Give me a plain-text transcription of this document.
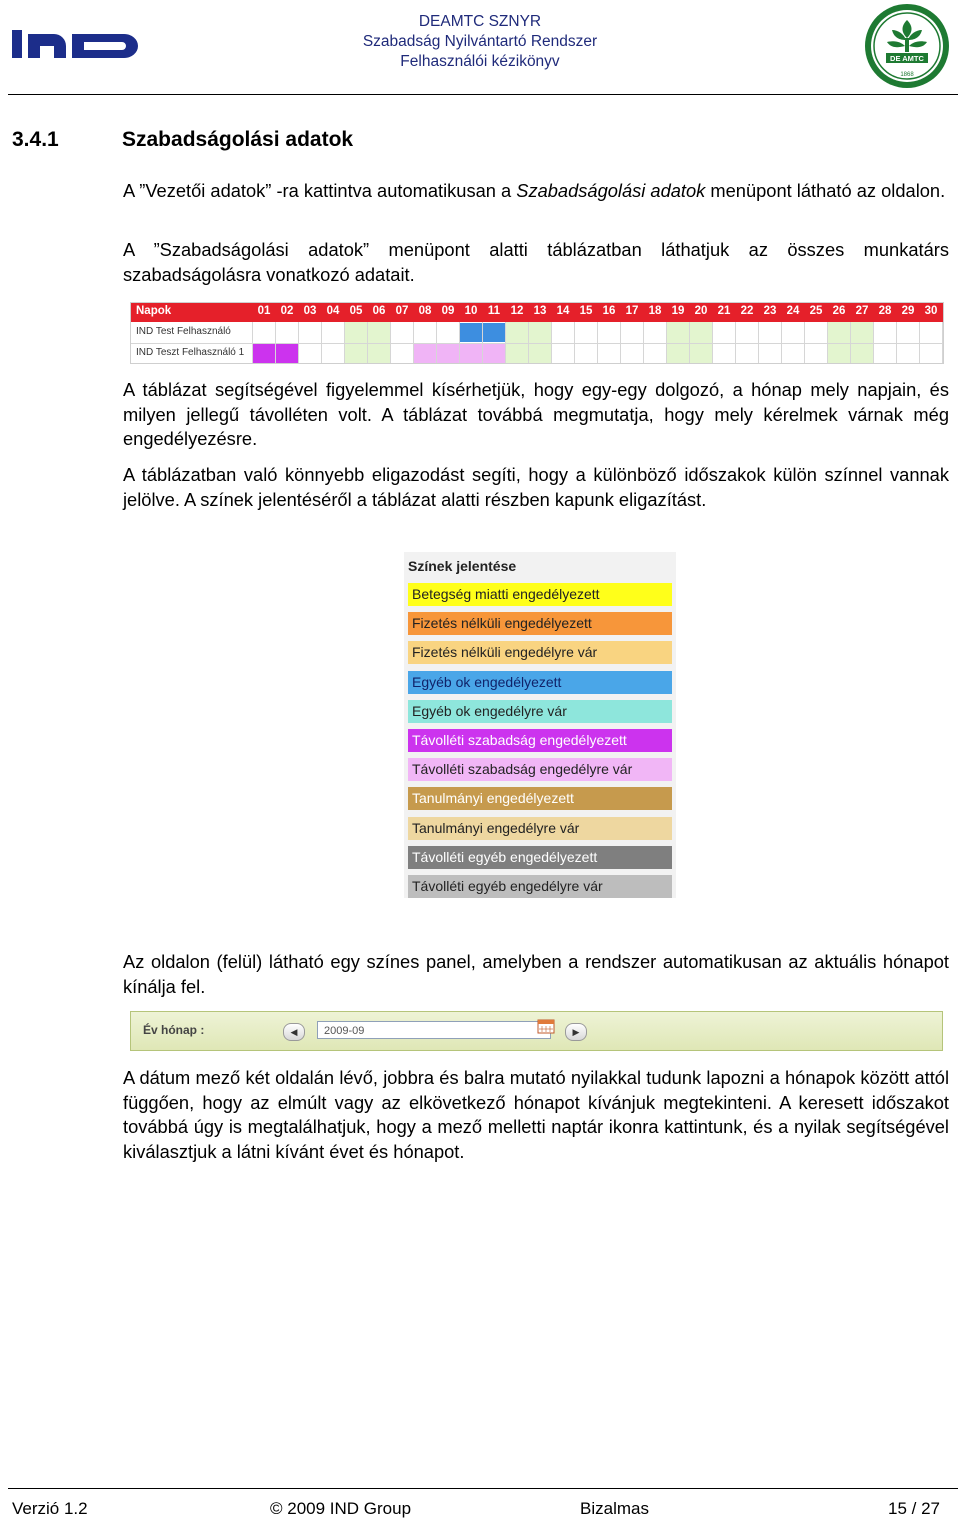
DEAMTC SZNYR
Szabadság Nyilvántartó Rendszer
Felhasználói kézikönyv	DE AMTC
1868
3.4.1	Szabadságolási adatok
A ”Vezetői adatok” -ra kattintva automatikusan a Szabadságolási adatok menüpont látható az oldalon.
A ”Szabadságolási adatok” menüpont alatti táblázatban láthatjuk az összes munkatárs szabadságolásra vonatkozó adatait.
Napok	01 02 03 04 05 06 07 08 09 10 11 12 13 14 15 16 17 18 19 20 21 22 23 24 25 26 27 28 29 30
IND Test Felhasználó
IND Teszt Felhasználó 1
A táblázat segítségével figyelemmel kísérhetjük, hogy egy-egy dolgozó, a hónap mely napjain, és milyen jellegű távolléten volt. A táblázat továbbá megmutatja, hogy mely kérelmek várnak még engedélyezésre.
A táblázatban való könnyebb eligazodást segíti, hogy a különböző időszakok külön színnel vannak jelölve. A színek jelentéséről a táblázat alatti részben kapunk eligazítást.
Színek jelentése
Betegség miatti engedélyezett
Fizetés nélküli engedélyezett
Fizetés nélküli engedélyre vár
Egyéb ok engedélyezett
Egyéb ok engedélyre vár
Távolléti szabadság engedélyezett
Távolléti szabadság engedélyre vár
Tanulmányi engedélyezett
Tanulmányi engedélyre vár
Távolléti egyéb engedélyezett
Távolléti egyéb engedélyre vár
Az oldalon (felül) látható egy színes panel, amelyben a rendszer automatikusan az aktuális hónapot kínálja fel.
Év hónap :	◀	2009-09	▶
A dátum mező két oldalán lévő, jobbra és balra mutató nyilakkal tudunk lapozni a hónapok között attól függően, hogy az elmúlt vagy az elkövetkező hónapot kívánjuk megtekinteni. A keresett időszakot továbbá úgy is megtalálhatjuk, hogy a mező melletti naptár ikonra kattintunk, és a nyilak segítségével kiválasztjuk a látni kívánt évet és hónapot.
Verzió 1.2	© 2009 IND Group	Bizalmas	15 / 27
